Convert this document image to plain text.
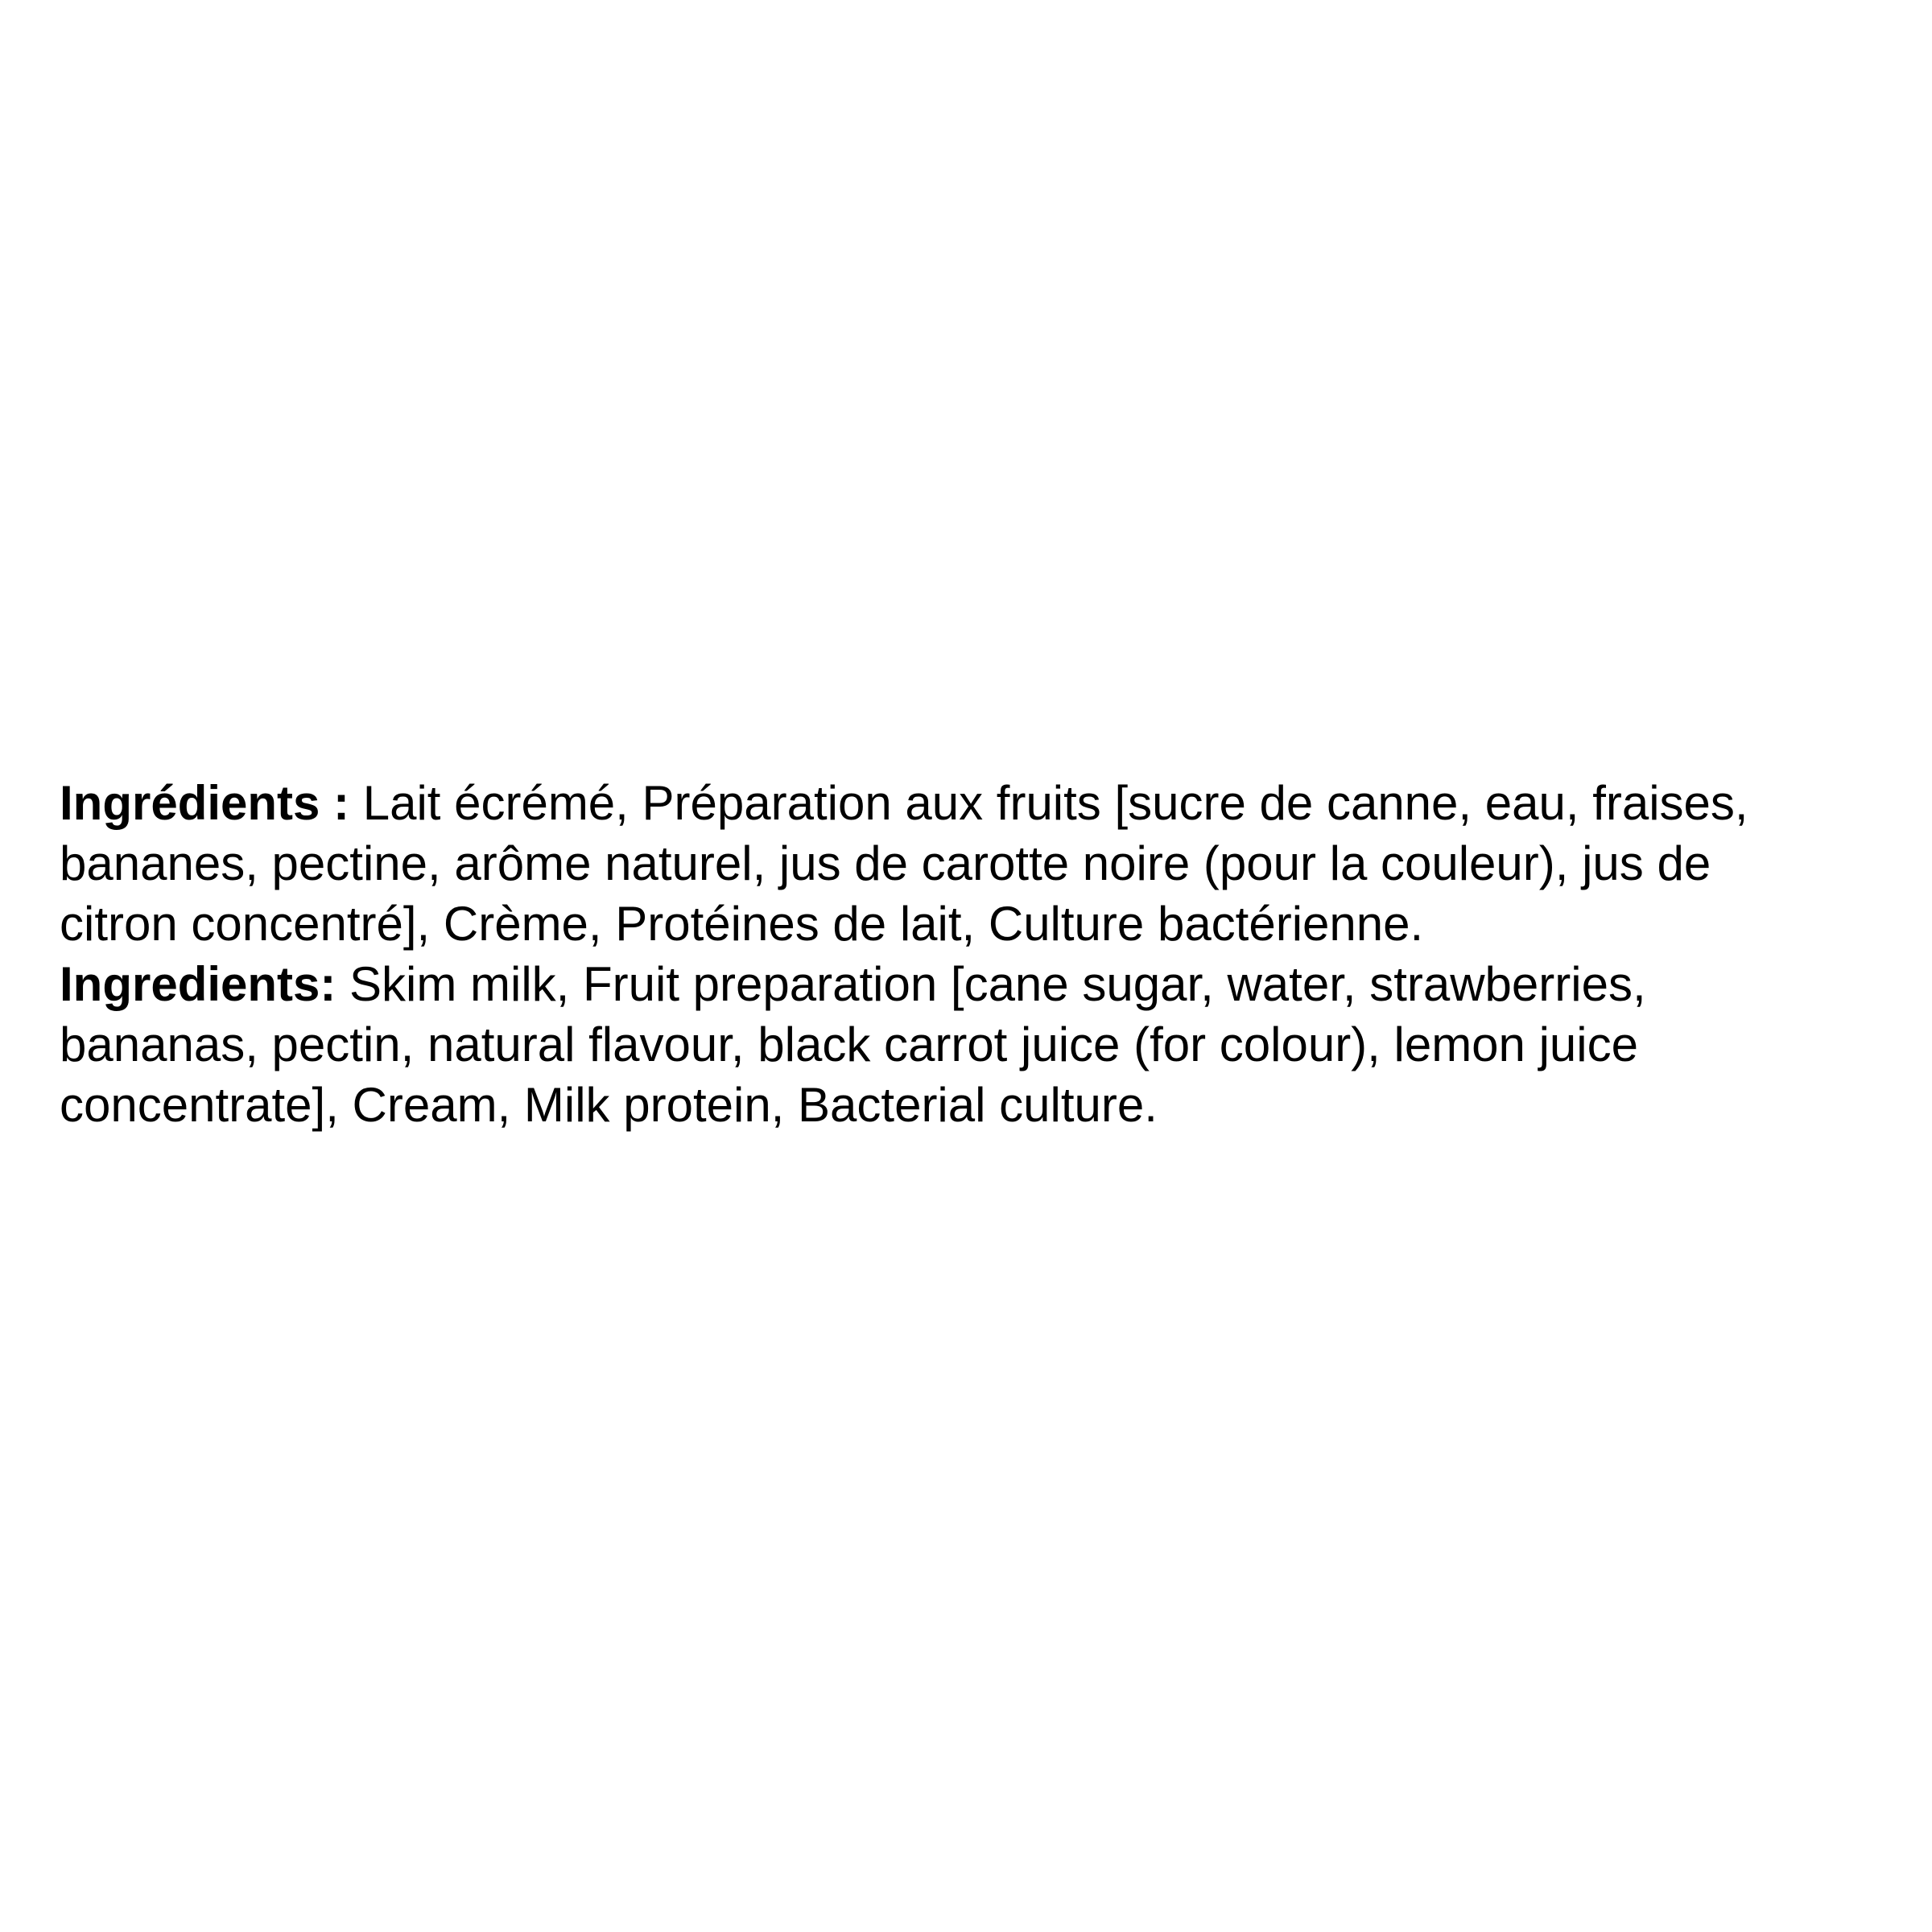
Ingrédients : Lait écrémé, Préparation aux fruits [sucre de canne, eau, fraises,

bananes, pectine, arôme naturel, jus de carotte noire (pour la couleur), jus de

citron concentré], Crème, Protéines de lait, Culture bactérienne.

Ingredients: Skim milk, Fruit preparation [cane sugar, water, strawberries,

bananas, pectin, natural flavour, black carrot juice (for colour), lemon juice

concentrate], Cream, Milk protein, Bacterial culture.
